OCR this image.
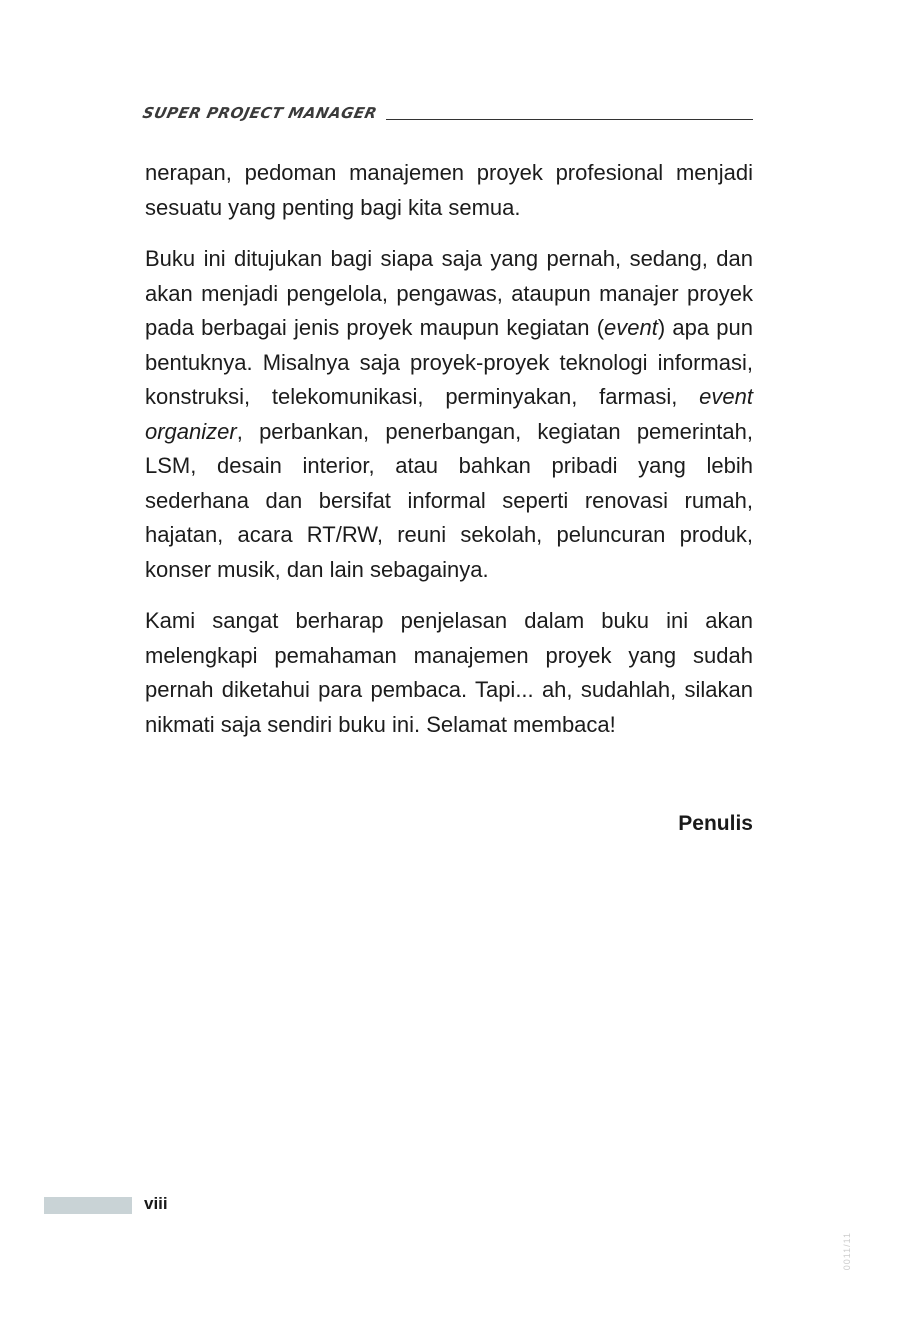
SUPER PROJECT MANAGER

nerapan, pedoman manajemen proyek profesional menjadi sesuatu yang penting bagi kita semua.

Buku ini ditujukan bagi siapa saja yang pernah, sedang, dan akan menjadi pengelola, pengawas, ataupun manajer proyek pada berbagai jenis proyek maupun kegiatan (event) apa pun bentuknya. Misalnya saja proyek-proyek teknologi informasi, konstruksi, telekomunikasi, perminyakan, farmasi, event organizer, perbankan, penerbangan, kegiatan pemerintah, LSM, desain interior, atau bahkan pribadi yang lebih sederhana dan bersifat informal seperti renovasi rumah, hajatan, acara RT/RW, reuni sekolah, peluncuran produk, konser musik, dan lain sebagainya.

Kami sangat berharap penjelasan dalam buku ini akan melengkapi pemahaman manajemen proyek yang sudah pernah diketahui para pembaca. Tapi... ah, sudahlah, silakan nikmati saja sendiri buku ini. Selamat membaca!

Penulis
viii
0011/11
